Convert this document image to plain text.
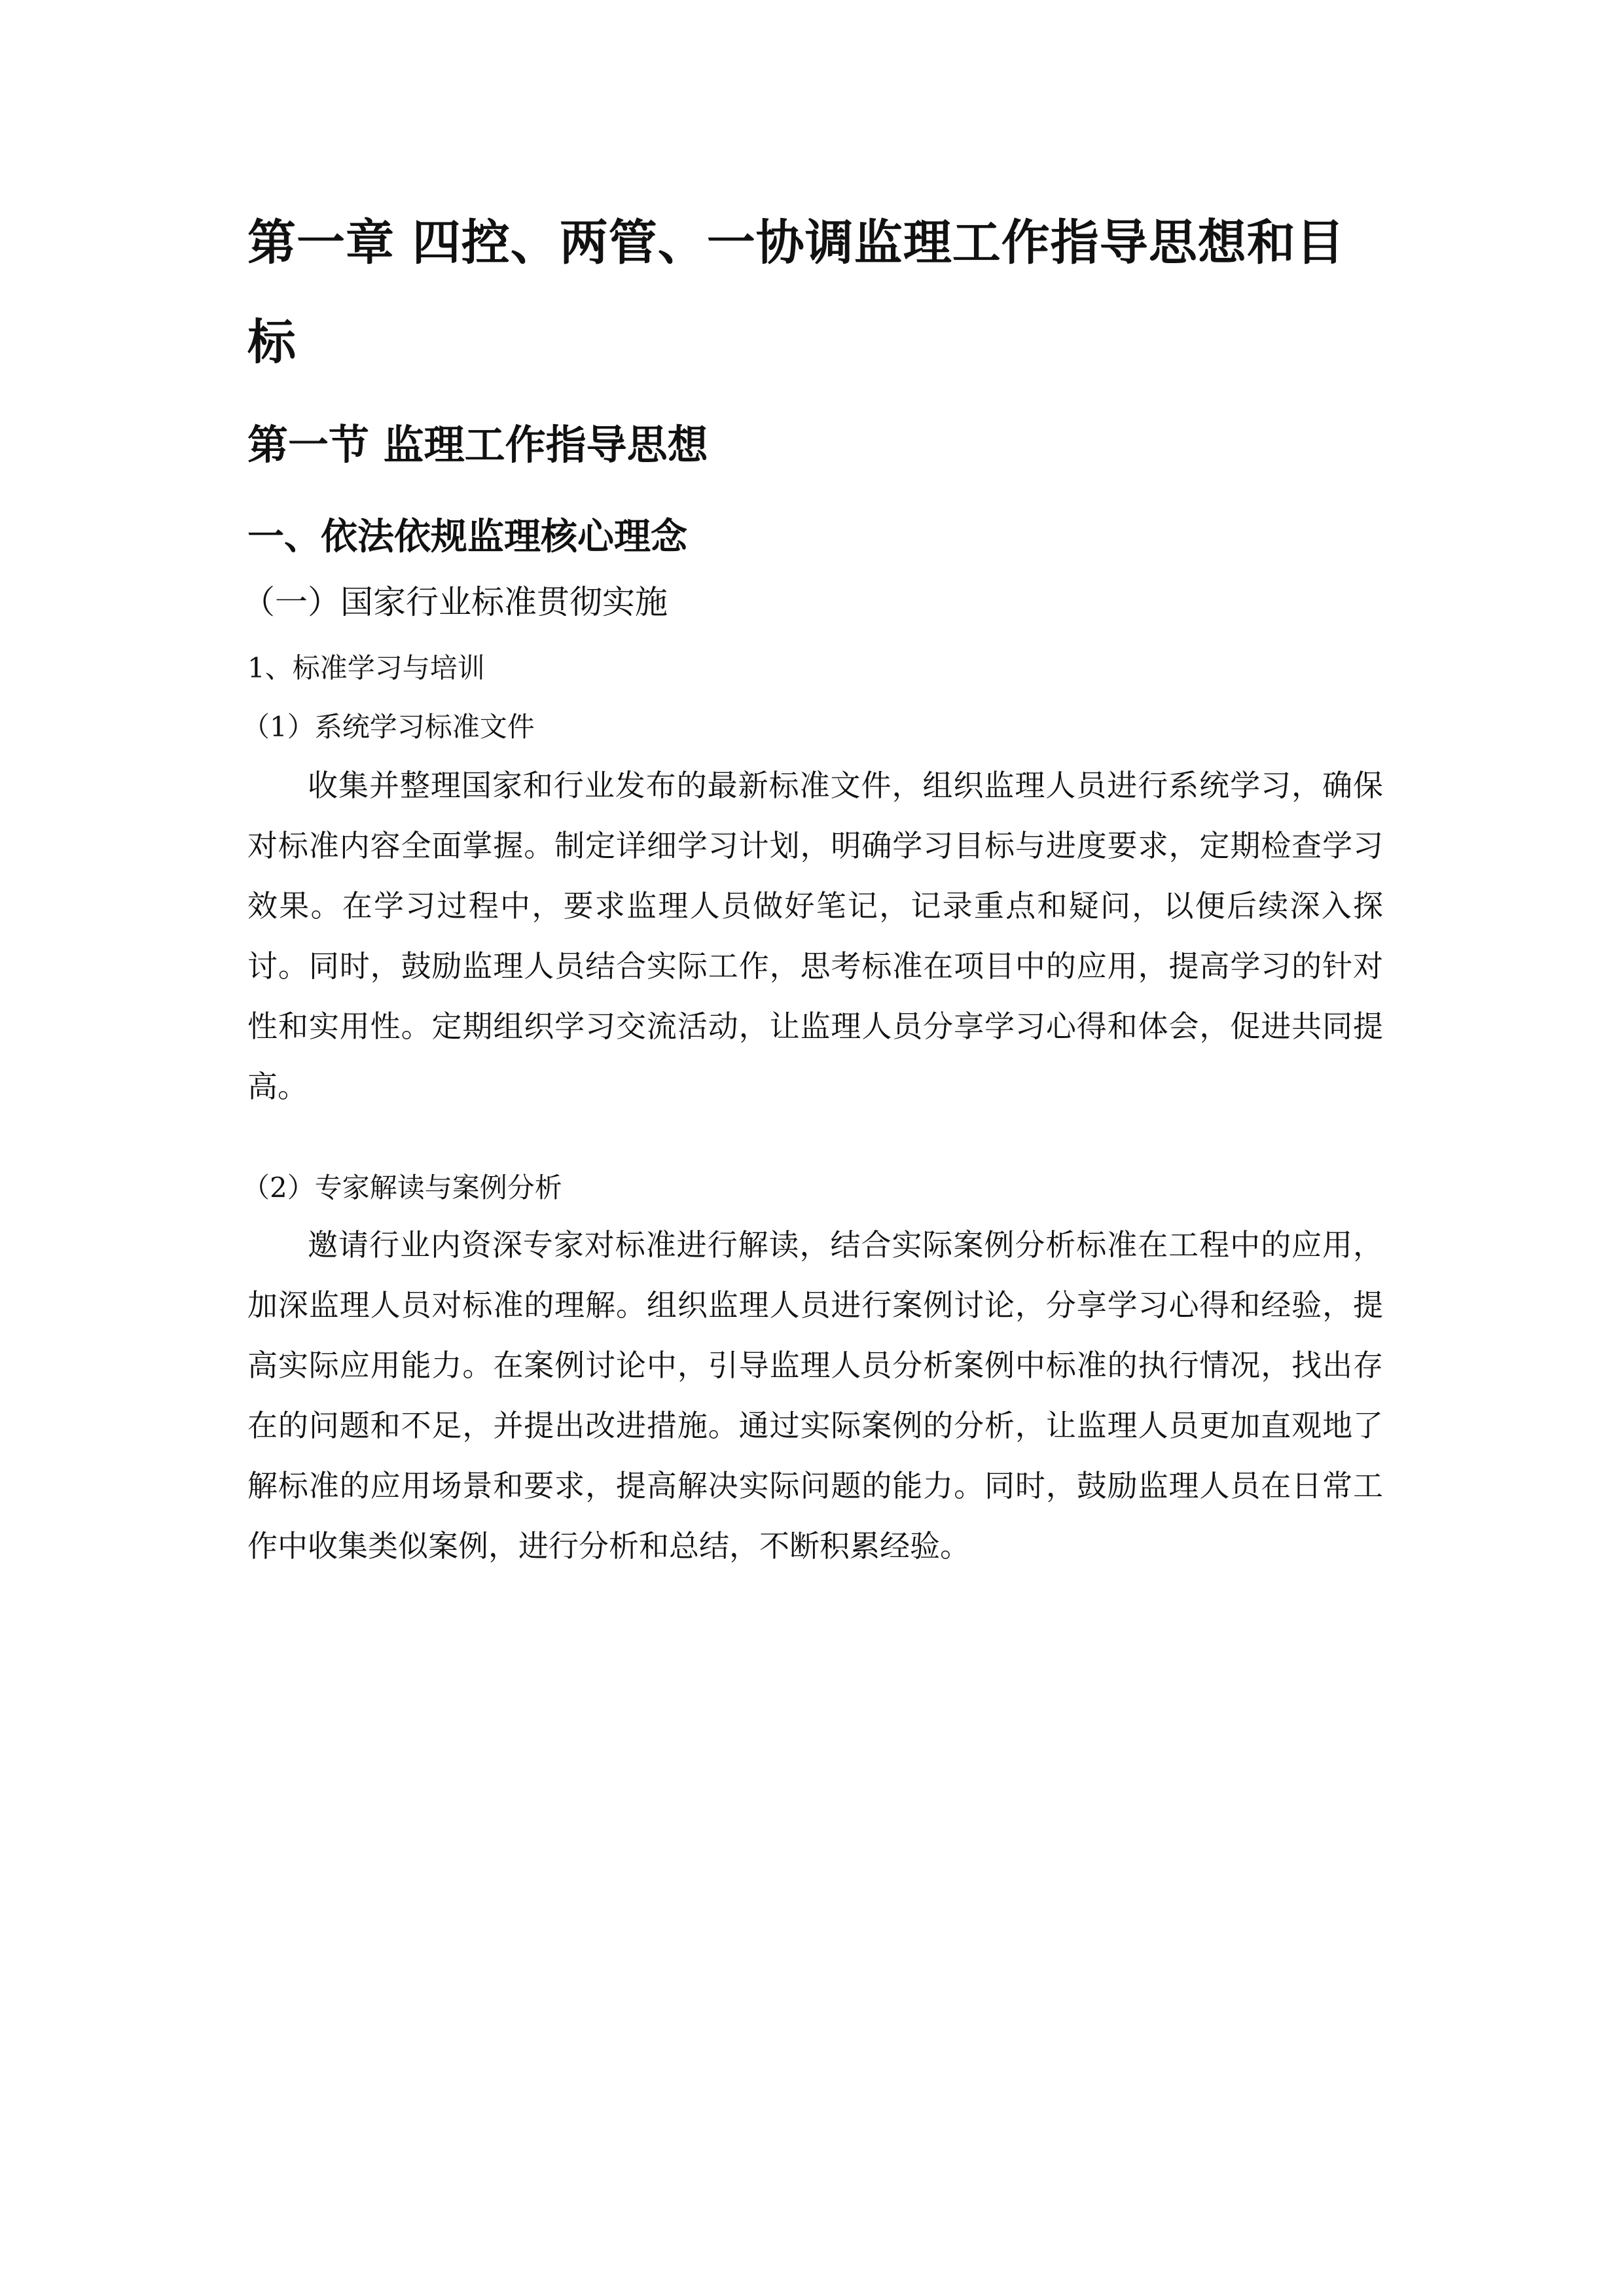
第一章 四控、两管、一协调监理工作指导思想和目
标
第一节 监理工作指导思想
一、依法依规监理核心理念
（一）国家行业标准贯彻实施
1、标准学习与培训
（1）系统学习标准文件

收集并整理国家和行业发布的最新标准文件，组织监理人员进行系统学习，确保对标准内容全面掌握。制定详细学习计划，明确学习目标与进度要求，定期检查学习效果。在学习过程中，要求监理人员做好笔记，记录重点和疑问，以便后续深入探讨。同时，鼓励监理人员结合实际工作，思考标准在项目中的应用，提高学习的针对性和实用性。定期组织学习交流活动，让监理人员分享学习心得和体会，促进共同提高。

（2）专家解读与案例分析

邀请行业内资深专家对标准进行解读，结合实际案例分析标准在工程中的应用，加深监理人员对标准的理解。组织监理人员进行案例讨论，分享学习心得和经验，提高实际应用能力。在案例讨论中，引导监理人员分析案例中标准的执行情况，找出存在的问题和不足，并提出改进措施。通过实际案例的分析，让监理人员更加直观地了解标准的应用场景和要求，提高解决实际问题的能力。同时，鼓励监理人员在日常工作中收集类似案例，进行分析和总结，不断积累经验。
